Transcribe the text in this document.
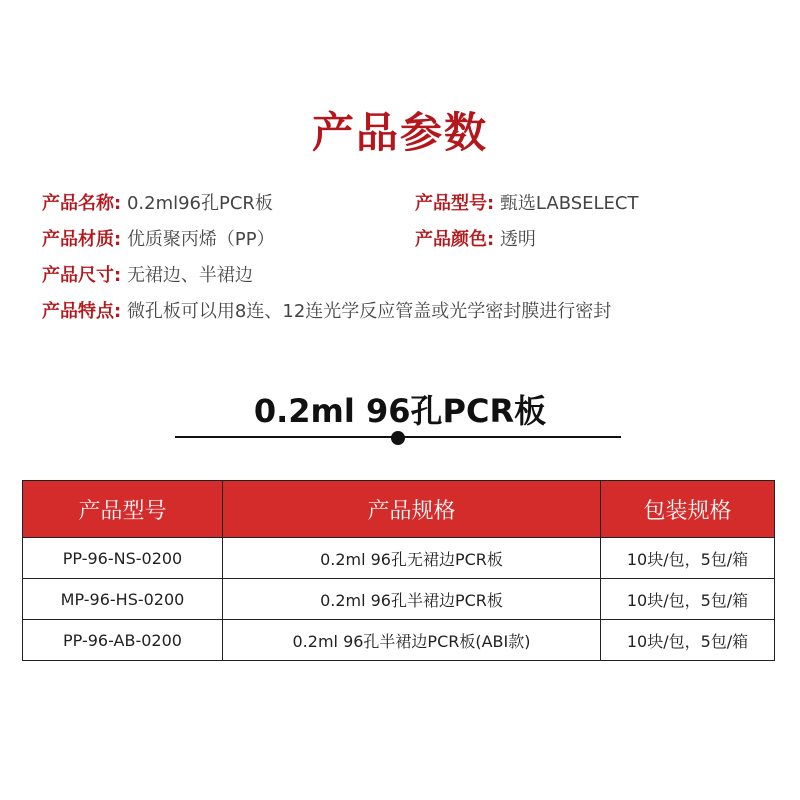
产品参数
产品名称: 0.2ml96孔PCR板	产品型号: 甄选LABSELECT
产品材质: 优质聚丙烯（PP）	产品颜色: 透明
产品尺寸: 无裙边、半裙边
产品特点: 微孔板可以用8连、12连光学反应管盖或光学密封膜进行密封
0.2ml 96孔PCR板
产品型号	产品规格	包装规格
PP-96-NS-0200	0.2ml 96孔无裙边PCR板	10块/包，5包/箱
MP-96-HS-0200	0.2ml 96孔半裙边PCR板	10块/包，5包/箱
PP-96-AB-0200	0.2ml 96孔半裙边PCR板(ABI款)	10块/包，5包/箱
